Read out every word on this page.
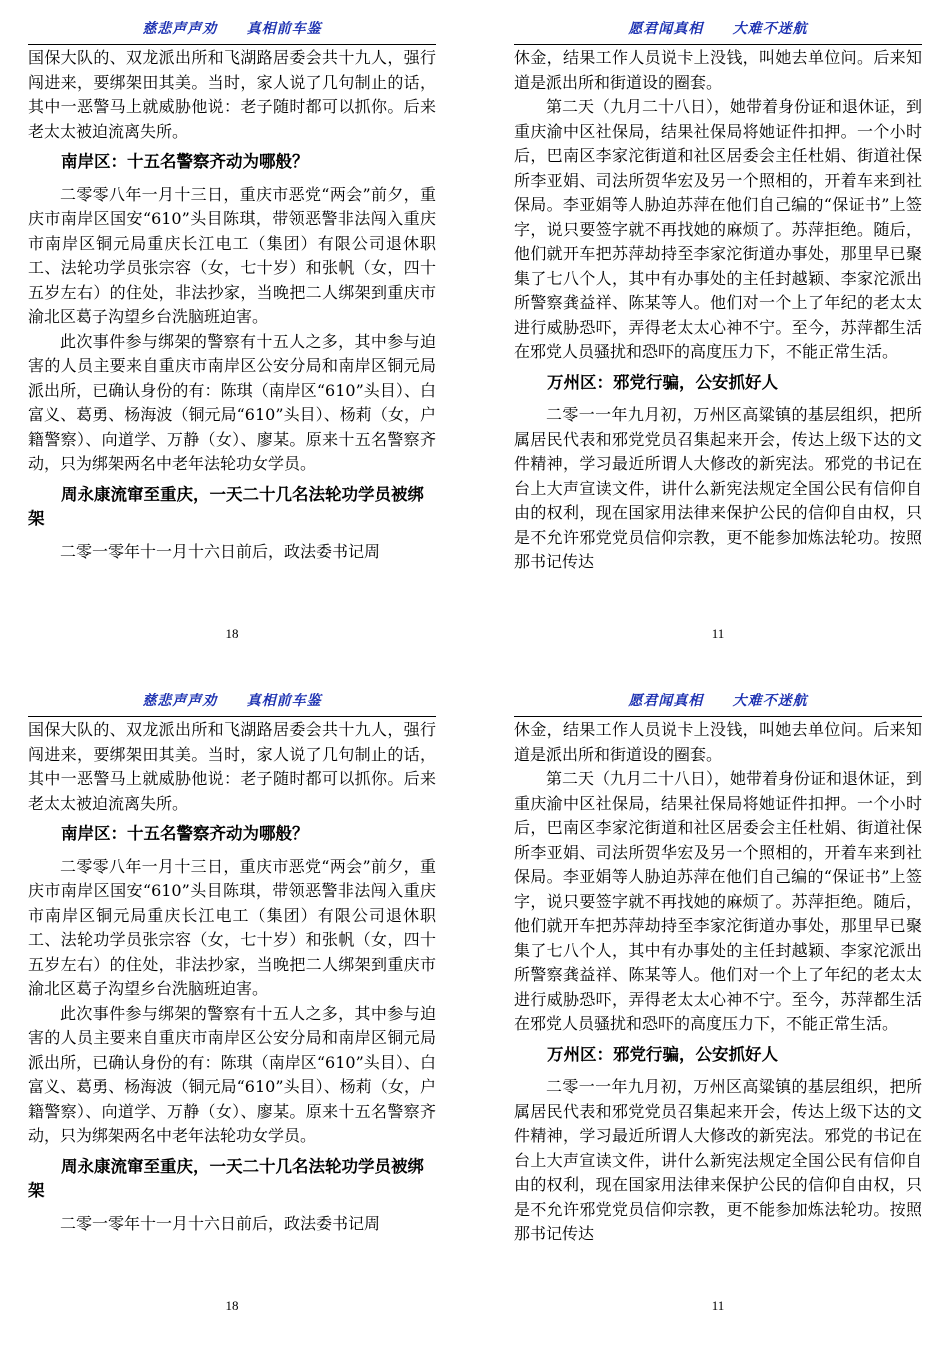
慈悲声声劝     真相前车鉴

国保大队的、双龙派出所和飞湖路居委会共十九人，强行闯进来，要绑架田其美。当时，家人说了几句制止的话，其中一恶警马上就威胁他说：老子随时都可以抓你。后来老太太被迫流离失所。

南岸区：十五名警察齐动为哪般？

二零零八年一月十三日，重庆市恶党“两会”前夕，重庆市南岸区国安“610”头目陈琪，带领恶警非法闯入重庆市南岸区铜元局重庆长江电工（集团）有限公司退休职工、法轮功学员张宗容（女，七十岁）和张帆（女，四十五岁左右）的住处，非法抄家，当晚把二人绑架到重庆市渝北区葛子沟望乡台洗脑班迫害。

此次事件参与绑架的警察有十五人之多，其中参与迫害的人员主要来自重庆市南岸区公安分局和南岸区铜元局派出所，已确认身份的有：陈琪（南岸区“610”头目）、白富义、葛勇、杨海波（铜元局“610”头目）、杨莉（女，户籍警察）、向道学、万静（女）、廖某。原来十五名警察齐动，只为绑架两名中老年法轮功女学员。

周永康流窜至重庆，一天二十几名法轮功学员被绑架

二零一零年十一月十六日前后，政法委书记周

18
愿君闻真相     大难不迷航

休金，结果工作人员说卡上没钱，叫她去单位问。后来知道是派出所和街道设的圈套。

第二天（九月二十八日），她带着身份证和退休证，到重庆渝中区社保局，结果社保局将她证件扣押。一个小时后，巴南区李家沱街道和社区居委会主任杜娟、街道社保所李亚娟、司法所贺华宏及另一个照相的，开着车来到社保局。李亚娟等人胁迫苏萍在他们自己编的“保证书”上签字，说只要签字就不再找她的麻烦了。苏萍拒绝。随后，他们就开车把苏萍劫持至李家沱街道办事处，那里早已聚集了七八个人，其中有办事处的主任封越颖、李家沱派出所警察龚益祥、陈某等人。他们对一个上了年纪的老太太进行威胁恐吓，弄得老太太心神不宁。至今，苏萍都生活在邪党人员骚扰和恐吓的高度压力下，不能正常生活。

万州区：邪党行骗，公安抓好人

二零一一年九月初，万州区高粱镇的基层组织，把所属居民代表和邪党党员召集起来开会，传达上级下达的文件精神，学习最近所谓人大修改的新宪法。邪党的书记在台上大声宣读文件，讲什么新宪法规定全国公民有信仰自由的权利，现在国家用法律来保护公民的信仰自由权，只是不允许邪党党员信仰宗教，更不能参加炼法轮功。按照那书记传达

11
慈悲声声劝     真相前车鉴

国保大队的、双龙派出所和飞湖路居委会共十九人，强行闯进来，要绑架田其美。当时，家人说了几句制止的话，其中一恶警马上就威胁他说：老子随时都可以抓你。后来老太太被迫流离失所。

南岸区：十五名警察齐动为哪般？

二零零八年一月十三日，重庆市恶党“两会”前夕，重庆市南岸区国安“610”头目陈琪，带领恶警非法闯入重庆市南岸区铜元局重庆长江电工（集团）有限公司退休职工、法轮功学员张宗容（女，七十岁）和张帆（女，四十五岁左右）的住处，非法抄家，当晚把二人绑架到重庆市渝北区葛子沟望乡台洗脑班迫害。

此次事件参与绑架的警察有十五人之多，其中参与迫害的人员主要来自重庆市南岸区公安分局和南岸区铜元局派出所，已确认身份的有：陈琪（南岸区“610”头目）、白富义、葛勇、杨海波（铜元局“610”头目）、杨莉（女，户籍警察）、向道学、万静（女）、廖某。原来十五名警察齐动，只为绑架两名中老年法轮功女学员。

周永康流窜至重庆，一天二十几名法轮功学员被绑架

二零一零年十一月十六日前后，政法委书记周

18
愿君闻真相     大难不迷航

休金，结果工作人员说卡上没钱，叫她去单位问。后来知道是派出所和街道设的圈套。

第二天（九月二十八日），她带着身份证和退休证，到重庆渝中区社保局，结果社保局将她证件扣押。一个小时后，巴南区李家沱街道和社区居委会主任杜娟、街道社保所李亚娟、司法所贺华宏及另一个照相的，开着车来到社保局。李亚娟等人胁迫苏萍在他们自己编的“保证书”上签字，说只要签字就不再找她的麻烦了。苏萍拒绝。随后，他们就开车把苏萍劫持至李家沱街道办事处，那里早已聚集了七八个人，其中有办事处的主任封越颖、李家沱派出所警察龚益祥、陈某等人。他们对一个上了年纪的老太太进行威胁恐吓，弄得老太太心神不宁。至今，苏萍都生活在邪党人员骚扰和恐吓的高度压力下，不能正常生活。

万州区：邪党行骗，公安抓好人

二零一一年九月初，万州区高粱镇的基层组织，把所属居民代表和邪党党员召集起来开会，传达上级下达的文件精神，学习最近所谓人大修改的新宪法。邪党的书记在台上大声宣读文件，讲什么新宪法规定全国公民有信仰自由的权利，现在国家用法律来保护公民的信仰自由权，只是不允许邪党党员信仰宗教，更不能参加炼法轮功。按照那书记传达

11
